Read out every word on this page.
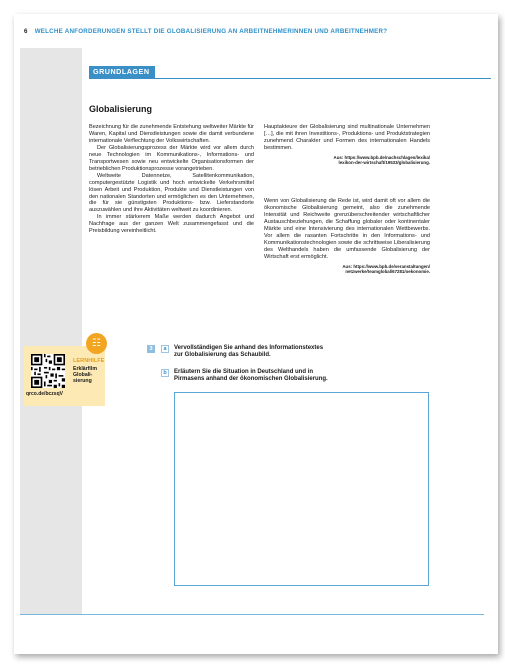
6 WELCHE ANFORDERUNGEN STELLT DIE GLOBALISIERUNG AN ARBEITNEHMERINNEN UND ARBEITNEHMER?
GRUNDLAGEN
Globalisierung

Bezeichnung für die zunehmende Entstehung weltweiter Märkte für Waren, Kapital und Dienstleistungen sowie die damit verbundene internationale Verflechtung der Volkswirtschaften.

Der Globalisierungsprozess der Märkte wird vor allem durch neue Technologien im Kommunikations-, Informations- und Transportwesen sowie neu entwickelte Organisationsformen der betrieblichen Produktionsprozesse vorangetrieben.

Weltweite Datennetze, Satellitenkommunikation, computergestützte Logistik und hoch entwickelte Verkehrsmittel lösen Arbeit und Produktion, Produkte und Dienstleistungen von den nationalen Standorten und ermöglichen es den Unternehmen, die für sie günstigsten Produktions- bzw. Lieferstandorte auszuwählen und ihre Aktivitäten weltweit zu koordinieren.

In immer stärkerem Maße werden dadurch Angebot und Nachfrage aus der ganzen Welt zusammengefasst und die Preisbildung vereinheitlicht.

Hauptakteure der Globalisierung sind multinationale Unternehmen […], die mit ihren Investitions-, Produktions- und Produktstrategien zunehmend Charakter und Formen des internationalen Handels bestimmen.

Aus: https://www.bpb.de/nachschlagen/lexika/
lexikon-der-wirtschaft/19533/globalisierung.

Wenn von Globalisierung die Rede ist, wird damit oft vor allem die ökonomische Globalisierung gemeint, also die zunehmende Intensität und Reichweite grenzüberschreitender wirtschaftlicher Austauschbeziehungen, die Schaffung globaler oder kontinentaler Märkte und eine Intensivierung des internationalen Wettbewerbs. Vor allem die rasanten Fortschritte in den Informations- und Kommunikationstechnologien sowie die schrittweise Liberalisierung des Welthandels haben die umfassende Globalisierung der Wirtschaft erst ermöglicht.

Aus: https://www.bpb.de/veranstaltungen/
netzwerke/teamglobal/67281/oekonomie.
qrco.de/bczsqV
☷
LERNHILFE
Erklärfilm
Globali-
sierung
3	a	Vervollständigen Sie anhand des Informationstextes
zur Globalisierung das Schaubild.
b	Erläutern Sie die Situation in Deutschland und in
Pirmasens anhand der ökonomischen Globalisierung.
